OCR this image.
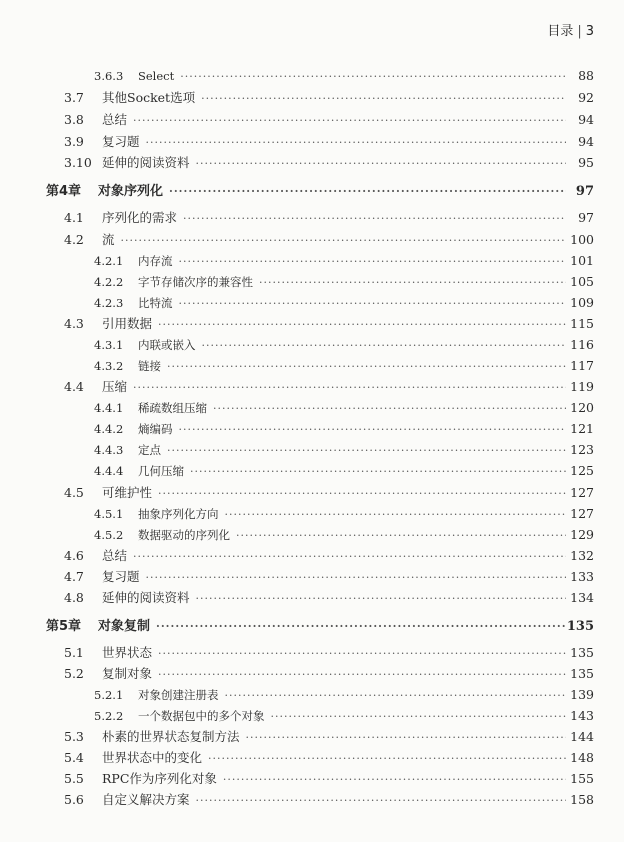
目录 | 3
3.6.3	Select ·····	88
3.7	其他Socket选项 ·····	92
3.8	总结 ·····	94
3.9	复习题 ·····	94
3.10 延伸的阅读资料 ·····	95
第4章	对象序列化 ·····	97
4.1	序列化的需求 ·····	97
4.2	流 ·····	100
4.2.1	内存流 ·····	101
4.2.2	字节存储次序的兼容性 ·····	105
4.2.3	比特流 ·····	109
4.3	引用数据 ·····	115
4.3.1	内联或嵌入 ·····	116
4.3.2	链接 ·····	117
4.4	压缩 ·····	119
4.4.1	稀疏数组压缩 ·····	120
4.4.2	熵编码 ·····	121
4.4.3	定点 ·····	123
4.4.4	几何压缩 ·····	125
4.5	可维护性 ·····	127
4.5.1	抽象序列化方向 ·····	127
4.5.2	数据驱动的序列化 ·····	129
4.6	总结 ·····	132
4.7	复习题 ·····	133
4.8	延伸的阅读资料 ·····	134
第5章	对象复制 ·····	135
5.1	世界状态 ·····	135
5.2	复制对象 ·····	135
5.2.1	对象创建注册表 ·····	139
5.2.2	一个数据包中的多个对象 ·····	143
5.3	朴素的世界状态复制方法 ·····	144
5.4	世界状态中的变化 ·····	148
5.5	RPC作为序列化对象 ·····	155
5.6	自定义解决方案 ·····	158
